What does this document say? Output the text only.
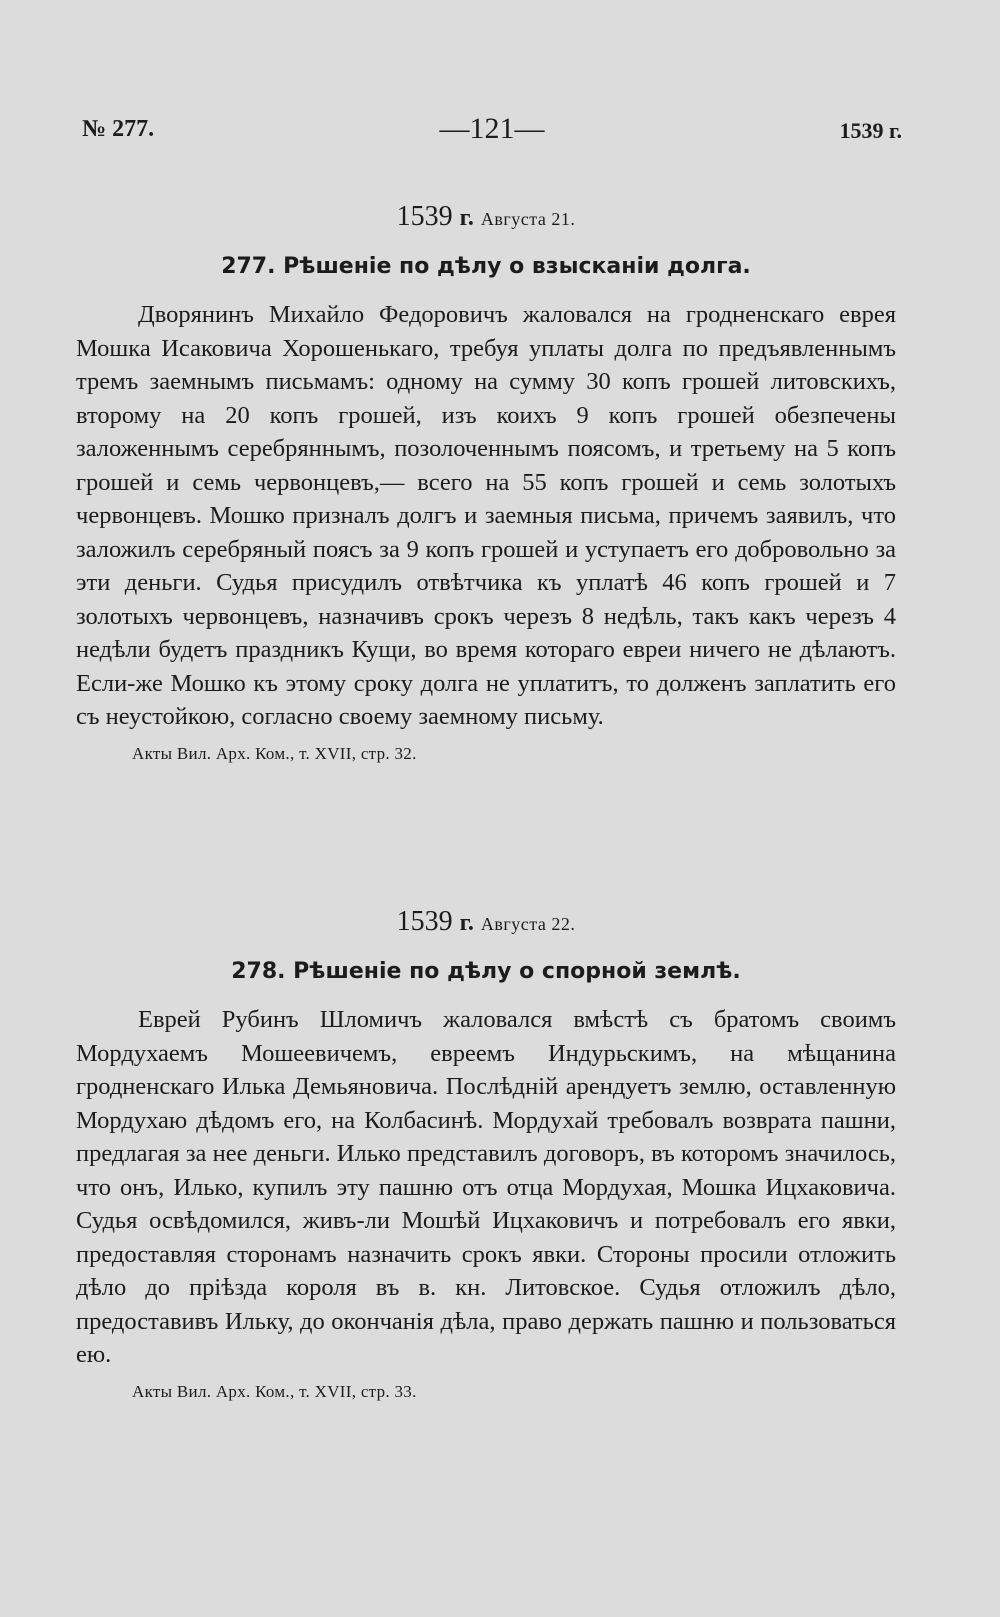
№ 277.	—121—	1539 г.

1539 г. Августа 21.

277. Рѣшеніе по дѣлу о взысканіи долга.

Дворянинъ Михайло Федоровичъ жаловался на гродненскаго еврея Мошка Исаковича Хорошенькаго, требуя уплаты долга по предъявленнымъ тремъ заемнымъ письмамъ: одному на сумму 30 копъ грошей литовскихъ, второму на 20 копъ грошей, изъ коихъ 9 копъ грошей обезпечены заложеннымъ серебряннымъ, позолоченнымъ поясомъ, и третьему на 5 копъ грошей и семь червонцевъ,— всего на 55 копъ грошей и семь золотыхъ червонцевъ. Мошко призналъ долгъ и заемныя письма, причемъ заявилъ, что заложилъ серебряный поясъ за 9 копъ грошей и уступаетъ его добровольно за эти деньги. Судья присудилъ отвѣтчика къ уплатѣ 46 копъ грошей и 7 золотыхъ червонцевъ, назначивъ срокъ черезъ 8 недѣль, такъ какъ черезъ 4 недѣли будетъ праздникъ Кущи, во время котораго евреи ничего не дѣлаютъ. Если-же Мошко къ этому сроку долга не уплатитъ, то долженъ заплатить его съ неустойкою, согласно своему заемному письму.

Акты Вил. Арх. Ком., т. XVII, стр. 32.

1539 г. Августа 22.

278. Рѣшеніе по дѣлу о спорной землѣ.

Еврей Рубинъ Шломичъ жаловался вмѣстѣ съ братомъ своимъ Мордухаемъ Мошеевичемъ, евреемъ Индурьскимъ, на мѣщанина гродненскаго Илька Демьяновича. Послѣдній арендуетъ землю, оставленную Мордухаю дѣдомъ его, на Колбасинѣ. Мордухай требовалъ возврата пашни, предлагая за нее деньги. Илько представилъ договоръ, въ которомъ значилось, что онъ, Илько, купилъ эту пашню отъ отца Мордухая, Мошка Ицхаковича. Судья освѣдомился, живъ-ли Мошѣй Ицхаковичъ и потребовалъ его явки, предоставляя сторонамъ назначить срокъ явки. Стороны просили отложить дѣло до пріѣзда короля въ в. кн. Литовское. Судья отложилъ дѣло, предоставивъ Ильку, до окончанія дѣла, право держать пашню и пользоваться ею.

Акты Вил. Арх. Ком., т. XVII, стр. 33.
